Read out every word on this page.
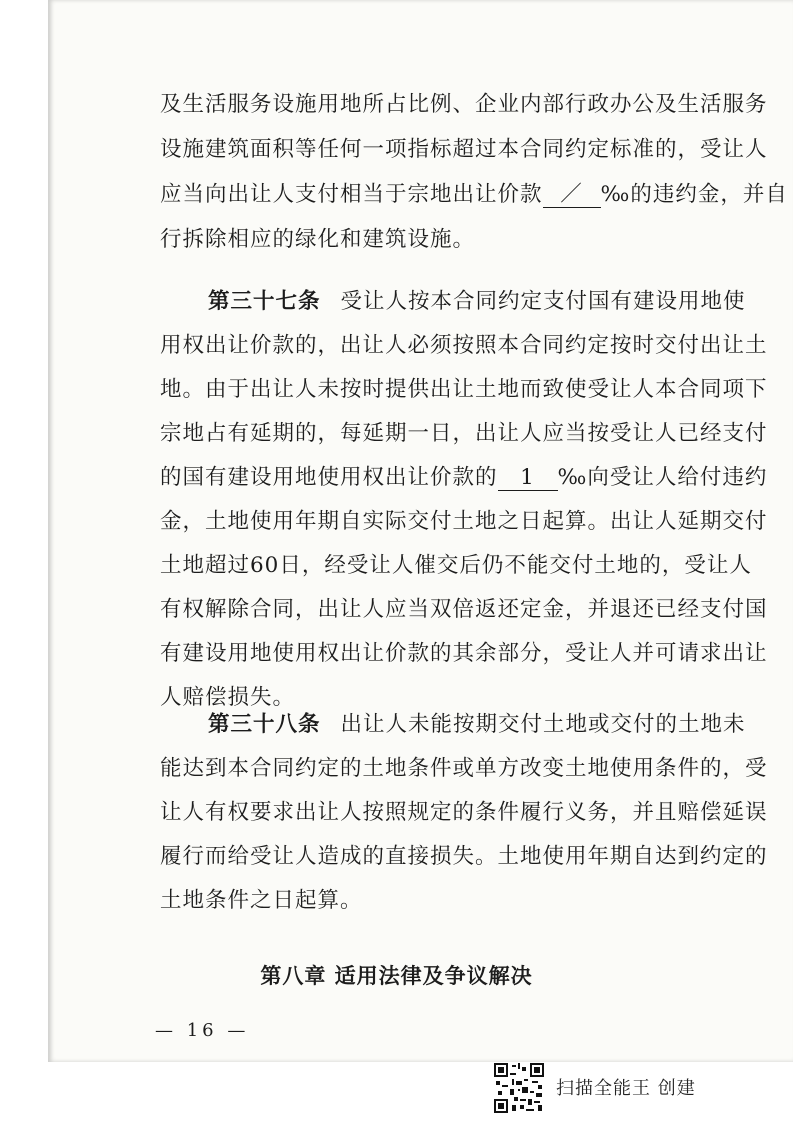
及生活服务设施用地所占比例、企业内部行政办公及生活服务
设施建筑面积等任何一项指标超过本合同约定标准的，受让人
应当向出让人支付相当于宗地出让价款 ／ ‰的违约金，并自
行拆除相应的绿化和建筑设施。
第三十七条 受让人按本合同约定支付国有建设用地使
用权出让价款的，出让人必须按照本合同约定按时交付出让土
地。由于出让人未按时提供出让土地而致使受让人本合同项下
宗地占有延期的，每延期一日，出让人应当按受让人已经支付
的国有建设用地使用权出让价款的 1 ‰向受让人给付违约
金，土地使用年期自实际交付土地之日起算。出让人延期交付
土地超过60日，经受让人催交后仍不能交付土地的，受让人
有权解除合同，出让人应当双倍返还定金，并退还已经支付国
有建设用地使用权出让价款的其余部分，受让人并可请求出让
人赔偿损失。
第三十八条 出让人未能按期交付土地或交付的土地未
能达到本合同约定的土地条件或单方改变土地使用条件的，受
让人有权要求出让人按照规定的条件履行义务，并且赔偿延误
履行而给受让人造成的直接损失。土地使用年期自达到约定的
土地条件之日起算。
第八章 适用法律及争议解决
— 16 —
扫描全能王 创建
